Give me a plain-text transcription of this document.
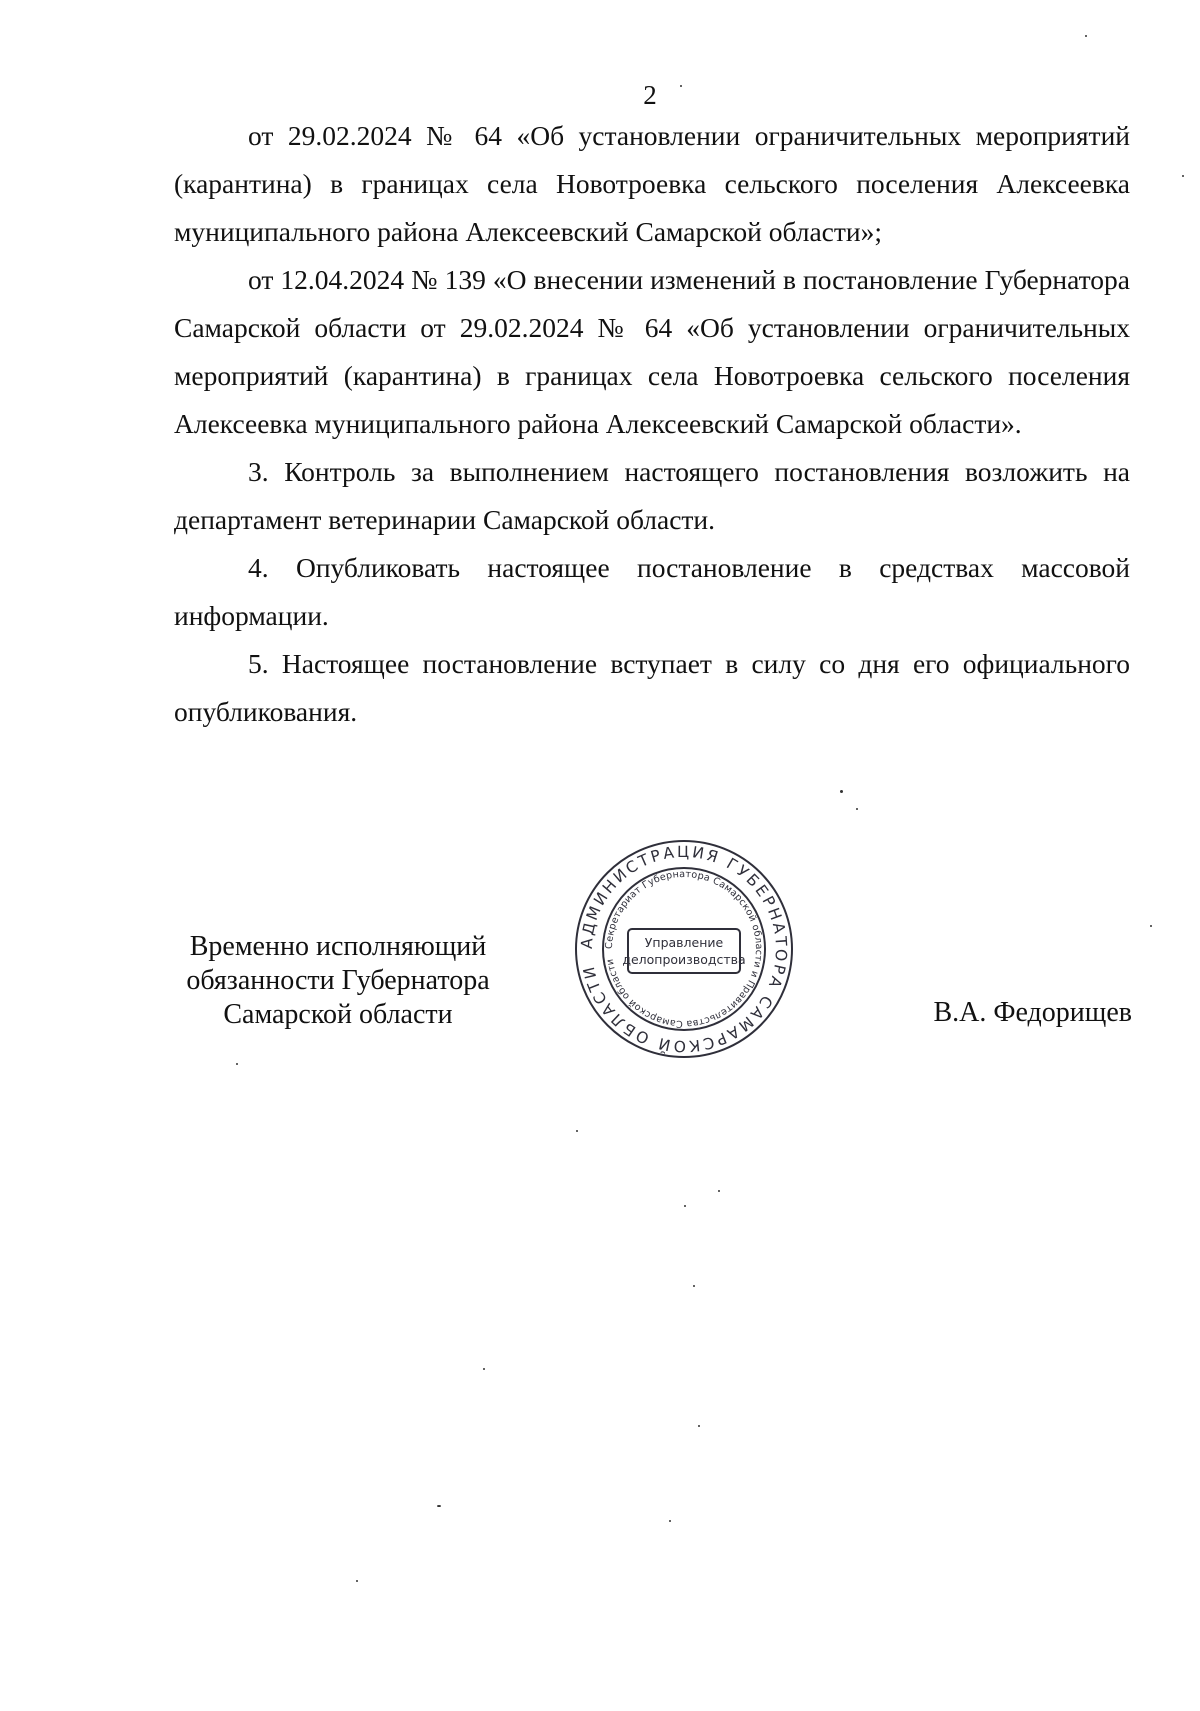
2

от 29.02.2024 № 64 «Об установлении ограничительных мероприятий (карантина) в границах села Новотроевка сельского поселения Алексеевка муниципального района Алексеевский Самарской области»;

от 12.04.2024 № 139 «О внесении изменений в постановление Губернатора Самарской области от 29.02.2024 № 64 «Об установлении ограничительных мероприятий (карантина) в границах села Новотроевка сельского поселения Алексеевка муниципального района Алексеевский Самарской области».

3. Контроль за выполнением настоящего постановления возложить на департамент ветеринарии Самарской области.

4. Опубликовать настоящее постановление в средствах массовой информации.

5. Настоящее постановление вступает в силу со дня его официального опубликования.

Временно исполняющий
обязанности Губернатора
Самарской области
АДМИНИСТРАЦИЯ ГУБЕРНАТОРА САМАРСКОЙ ОБЛАСТИ
Секретариат Губернатора Самарской области и Правительства Самарской области
Управление
делопроизводства
В.А. Федорищев
